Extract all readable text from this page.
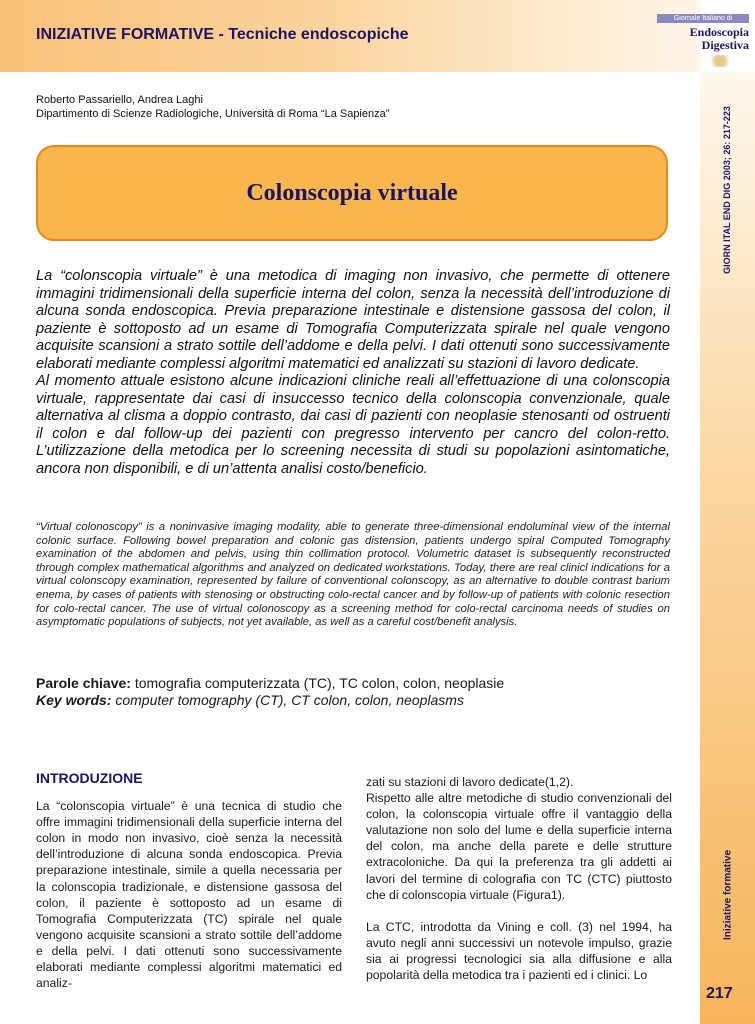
INIZIATIVE FORMATIVE - Tecniche endoscopiche
Giornale Italiano di
Endoscopia
Digestiva
GIORN ITAL END DIG 2003; 26: 217-223
Iniziative formative
217
Roberto Passariello, Andrea Laghi
Dipartimento di Scienze Radiologiche, Università di Roma “La Sapienza”
Colonscopia virtuale

La “colonscopia virtuale” è una metodica di imaging non invasivo, che permette di ottenere immagini tridimensionali della superficie interna del colon, senza la necessità dell’introduzione di alcuna sonda endoscopica. Previa preparazione intestinale e distensione gassosa del colon, il paziente è sottoposto ad un esame di Tomografia Computerizzata spirale nel quale vengono acquisite scansioni a strato sottile dell’addome e della pelvi. I dati ottenuti sono successivamente elaborati mediante complessi algoritmi matematici ed analizzati su stazioni di lavoro dedicate.

Al momento attuale esistono alcune indicazioni cliniche reali all’effettuazione di una colonscopia virtuale, rappresentate dai casi di insuccesso tecnico della colonscopia convenzionale, quale alternativa al clisma a doppio contrasto, dai casi di pazienti con neoplasie stenosanti od ostruenti il colon e dal follow-up dei pazienti con pregresso intervento per cancro del colon-retto. L’utilizzazione della metodica per lo screening necessita di studi su popolazioni asintomatiche, ancora non disponibili, e di un’attenta analisi costo/beneficio.

“Virtual colonoscopy” is a noninvasive imaging modality, able to generate three-dimensional endoluminal view of the internal colonic surface. Following bowel preparation and colonic gas distension, patients undergo spiral Computed Tomography examination of the abdomen and pelvis, using thin collimation protocol. Volumetric dataset is subsequently reconstructed through complex mathematical algorithms and analyzed on dedicated workstations. Today, there are real clinicl indications for a virtual colonscopy examination, represented by failure of conventional colonscopy, as an alternative to double contrast barium enema, by cases of patients with stenosing or obstructing colo-rectal cancer and by follow-up of patients with colonic resection for colo-rectal cancer. The use of virtual colonoscopy as a screening method for colo-rectal carcinoma needs of studies on asymptomatic populations of subjects, not yet available, as well as a careful cost/benefit analysis.
Parole chiave: tomografia computerizzata (TC), TC colon, colon, neoplasie
Key words: computer tomography (CT), CT colon, colon, neoplasms
INTRODUZIONE

La “colonscopia virtuale” è una tecnica di studio che offre immagini tridimensionali della superficie interna del colon in modo non invasivo, cioè senza la necessità dell’introduzione di alcuna sonda endoscopica. Previa preparazione intestinale, simile a quella necessaria per la colonscopia tradizionale, e distensione gassosa del colon, il paziente è sottoposto ad un esame di Tomografia Computerizzata (TC) spirale nel quale vengono acquisite scansioni a strato sottile dell’addome e della pelvi. I dati ottenuti sono successivamente elaborati mediante complessi algoritmi matematici ed analiz-

zati su stazioni di lavoro dedicate(1,2).

Rispetto alle altre metodiche di studio convenzionali del colon, la colonscopia virtuale offre il vantaggio della valutazione non solo del lume e della superficie interna del colon, ma anche della parete e delle strutture extracoloniche. Da qui la preferenza tra gli addetti ai lavori del termine di colografia con TC (CTC) piuttosto che di colonscopia virtuale (Figura1).

La CTC, introdotta da Vining e coll. (3) nel 1994, ha avuto negli anni successivi un notevole impulso, grazie sia ai progressi tecnologici sia alla diffusione e alla popolarità della metodica tra i pazienti ed i clinici. Lo
